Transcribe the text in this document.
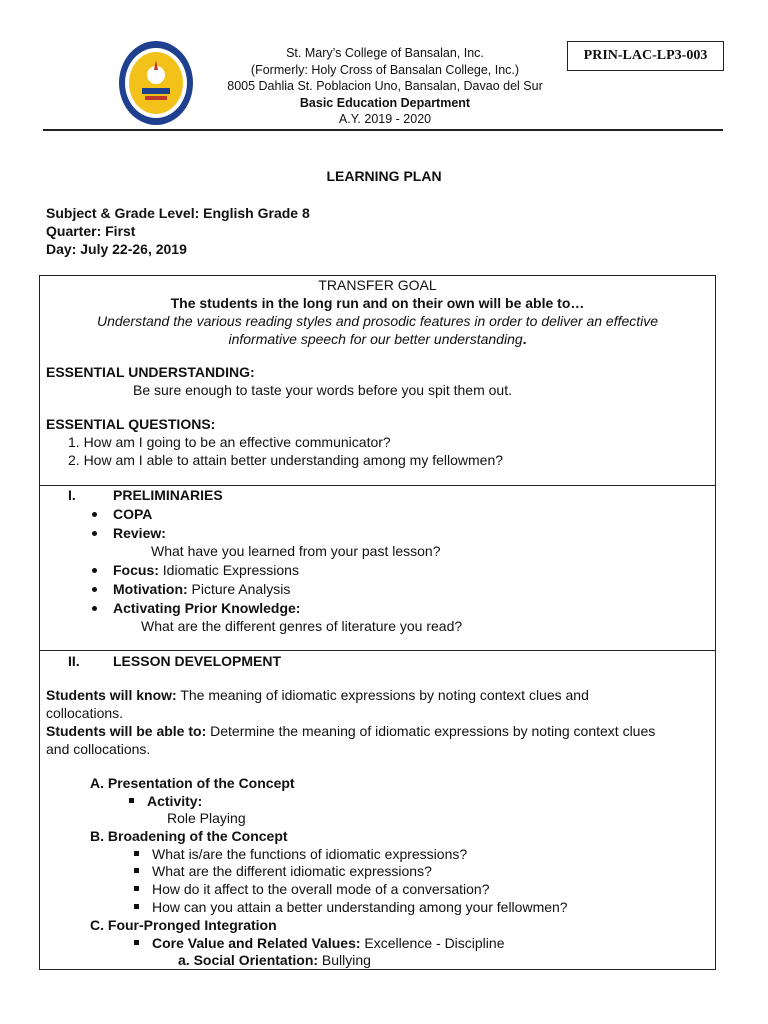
St. Mary’s College of Bansalan, Inc.
(Formerly: Holy Cross of Bansalan College, Inc.)
8005 Dahlia St. Poblacion Uno, Bansalan, Davao del Sur
Basic Education Department
A.Y. 2019 - 2020
PRIN-LAC-LP3-003
LEARNING PLAN
Subject & Grade Level: English Grade 8
Quarter: First
Day: July 22-26, 2019
TRANSFER GOAL
The students in the long run and on their own will be able to…
Understand the various reading styles and prosodic features in order to deliver an effective
informative speech for our better understanding.
ESSENTIAL UNDERSTANDING:
Be sure enough to taste your words before you spit them out.
ESSENTIAL QUESTIONS:
1. How am I going to be an effective communicator?
2. How am I able to attain better understanding among my fellowmen?
I.	PRELIMINARIES
COPA
Review:
What have you learned from your past lesson?
Focus: Idiomatic Expressions
Motivation: Picture Analysis
Activating Prior Knowledge:
What are the different genres of literature you read?
II. LESSON DEVELOPMENT
Students will know: The meaning of idiomatic expressions by noting context clues and
collocations.
Students will be able to: Determine the meaning of idiomatic expressions by noting context clues
and collocations.
A. Presentation of the Concept
Activity:
Role Playing
B. Broadening of the Concept
What is/are the functions of idiomatic expressions?
What are the different idiomatic expressions?
How do it affect to the overall mode of a conversation?
How can you attain a better understanding among your fellowmen?
C. Four-Pronged Integration
Core Value and Related Values: Excellence - Discipline
a. Social Orientation: Bullying
